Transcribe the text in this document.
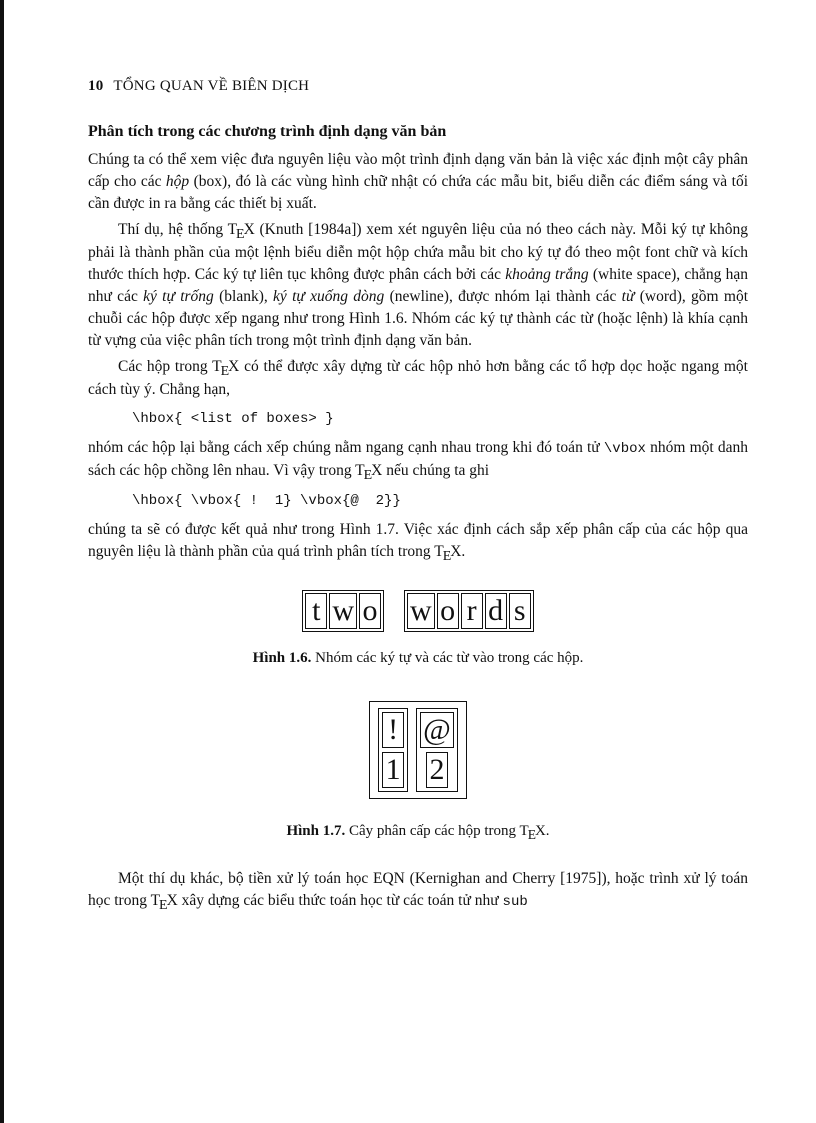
10 TỔNG QUAN VỀ BIÊN DỊCH
Phân tích trong các chương trình định dạng văn bản

Chúng ta có thể xem việc đưa nguyên liệu vào một trình định dạng văn bản là việc xác định một cây phân cấp cho các hộp (box), đó là các vùng hình chữ nhật có chứa các mẫu bit, biểu diễn các điểm sáng và tối cần được in ra bằng các thiết bị xuất.

Thí dụ, hệ thống TEX (Knuth [1984a]) xem xét nguyên liệu của nó theo cách này. Mỗi ký tự không phải là thành phần của một lệnh biểu diễn một hộp chứa mẫu bit cho ký tự đó theo một font chữ và kích thước thích hợp. Các ký tự liên tục không được phân cách bởi các khoảng trắng (white space), chẳng hạn như các ký tự trống (blank), ký tự xuống dòng (newline), được nhóm lại thành các từ (word), gồm một chuỗi các hộp được xếp ngang như trong Hình 1.6. Nhóm các ký tự thành các từ (hoặc lệnh) là khía cạnh từ vựng của việc phân tích trong một trình định dạng văn bản.

Các hộp trong TEX có thể được xây dựng từ các hộp nhỏ hơn bằng các tổ hợp dọc hoặc ngang một cách tùy ý. Chẳng hạn,

\hbox{ <list of boxes> }

nhóm các hộp lại bằng cách xếp chúng nằm ngang cạnh nhau trong khi đó toán tử \vbox nhóm một danh sách các hộp chồng lên nhau. Vì vậy trong TEX nếu chúng ta ghi

\hbox{ \vbox{ !  1} \vbox{@  2}}

chúng ta sẽ có được kết quả như trong Hình 1.7. Việc xác định cách sắp xếp phân cấp của các hộp qua nguyên liệu là thành phần của quá trình phân tích trong TEX.

t w o w o r d s
Hình 1.6. Nhóm các ký tự và các từ vào trong các hộp.
!
1
@
2
Hình 1.7. Cây phân cấp các hộp trong TEX.

Một thí dụ khác, bộ tiền xử lý toán học EQN (Kernighan and Cherry [1975]), hoặc trình xử lý toán học trong TEX xây dựng các biểu thức toán học từ các toán tử như sub
